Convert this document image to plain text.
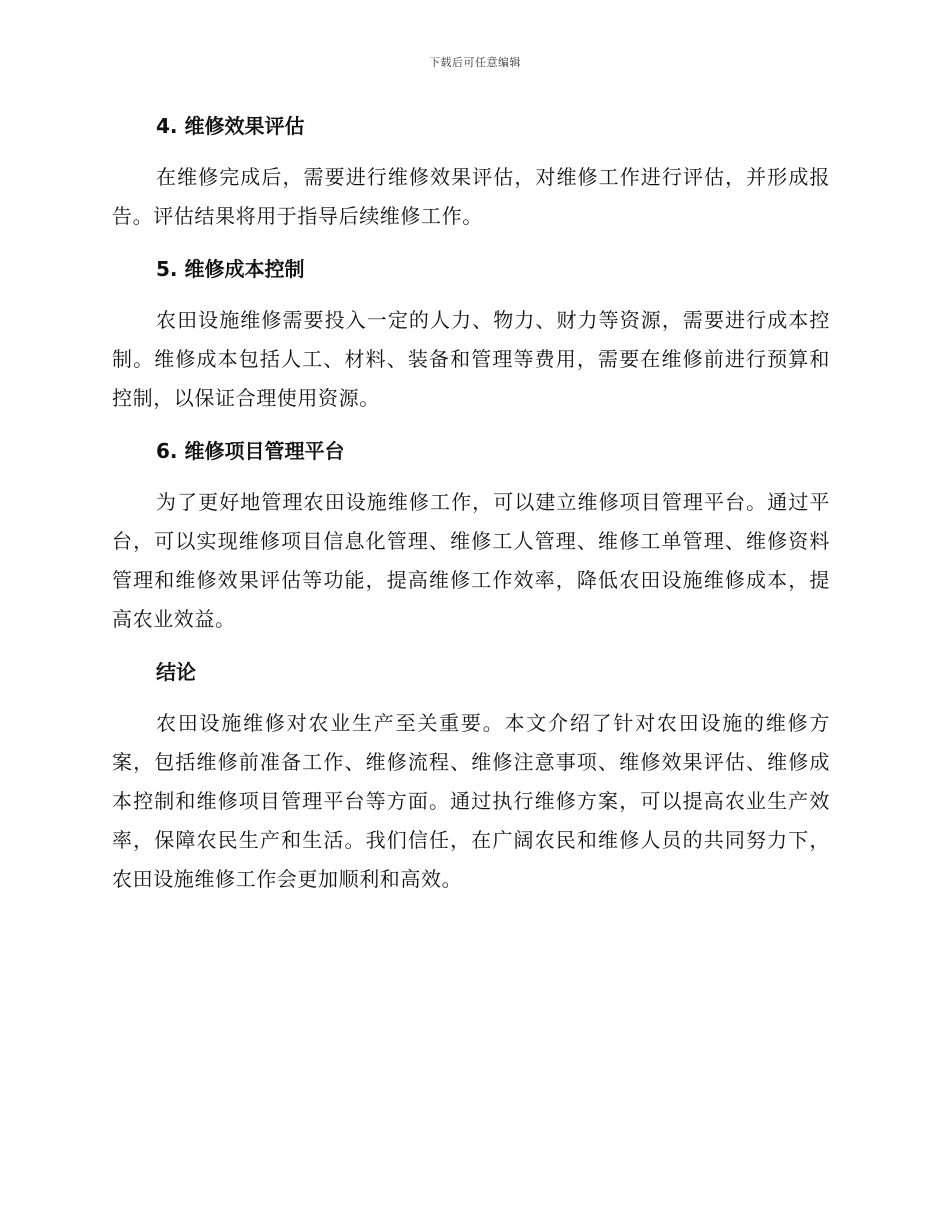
下载后可任意编辑
4. 维修效果评估

在维修完成后，需要进行维修效果评估，对维修工作进行评估，并形成报告。评估结果将用于指导后续维修工作。

5. 维修成本控制

农田设施维修需要投入一定的人力、物力、财力等资源，需要进行成本控制。维修成本包括人工、材料、装备和管理等费用，需要在维修前进行预算和控制，以保证合理使用资源。

6. 维修项目管理平台

为了更好地管理农田设施维修工作，可以建立维修项目管理平台。通过平台，可以实现维修项目信息化管理、维修工人管理、维修工单管理、维修资料管理和维修效果评估等功能，提高维修工作效率，降低农田设施维修成本，提高农业效益。

结论

农田设施维修对农业生产至关重要。本文介绍了针对农田设施的维修方案，包括维修前准备工作、维修流程、维修注意事项、维修效果评估、维修成本控制和维修项目管理平台等方面。通过执行维修方案，可以提高农业生产效率，保障农民生产和生活。我们信任，在广阔农民和维修人员的共同努力下，农田设施维修工作会更加顺利和高效。
